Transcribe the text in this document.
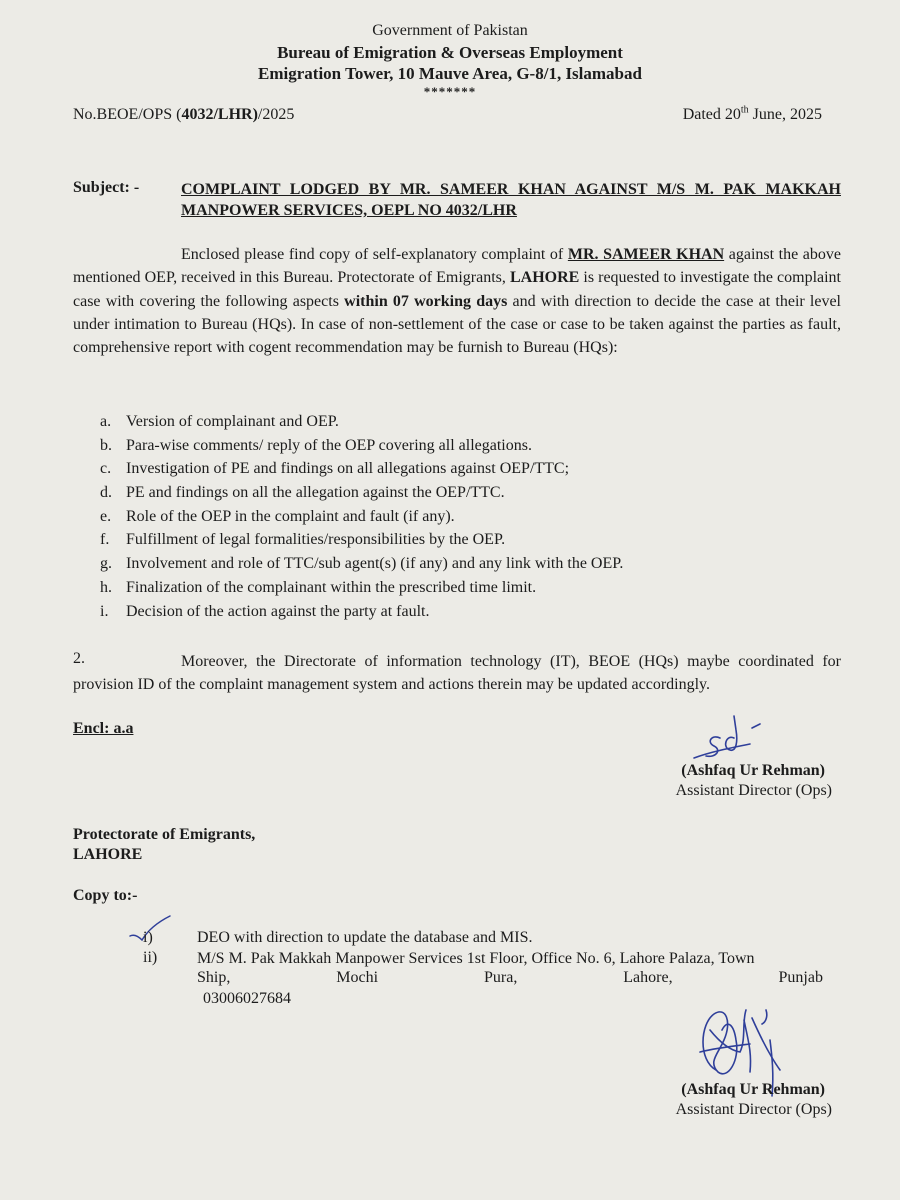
Government of Pakistan
Bureau of Emigration & Overseas Employment
Emigration Tower, 10 Mauve Area, G-8/1, Islamabad
*******
No.BEOE/OPS (4032/LHR)/2025	Dated 20th June, 2025
Subject: -	COMPLAINT LODGED BY MR. SAMEER KHAN AGAINST M/S M. PAK MAKKAH MANPOWER SERVICES, OEPL NO 4032/LHR
Enclosed please find copy of self-explanatory complaint of MR. SAMEER KHAN against the above mentioned OEP, received in this Bureau. Protectorate of Emigrants, LAHORE is requested to investigate the complaint case with covering the following aspects within 07 working days and with direction to decide the case at their level under intimation to Bureau (HQs). In case of non-settlement of the case or case to be taken against the parties as fault, comprehensive report with cogent recommendation may be furnish to Bureau (HQs):
a. Version of complainant and OEP.
b. Para-wise comments/ reply of the OEP covering all allegations.
c. Investigation of PE and findings on all allegations against OEP/TTC;
d. PE and findings on all the allegation against the OEP/TTC.
e. Role of the OEP in the complaint and fault (if any).
f. Fulfillment of legal formalities/responsibilities by the OEP.
g. Involvement and role of TTC/sub agent(s) (if any) and any link with the OEP.
h. Finalization of the complainant within the prescribed time limit.
i. Decision of the action against the party at fault.
2.	Moreover, the Directorate of information technology (IT), BEOE (HQs) maybe coordinated for provision ID of the complaint management system and actions therein may be updated accordingly.
Encl: a.a
(Ashfaq Ur Rehman)
Assistant Director (Ops)
Protectorate of Emigrants,
LAHORE
Copy to:-
i)	DEO with direction to update the database and MIS.
ii) M/S M. Pak Makkah Manpower Services 1st Floor, Office No. 6, Lahore Palaza, Town
Ship,	Mochi	Pura,	Lahore,	Punjab
03006027684
(Ashfaq Ur Rehman)
Assistant Director (Ops)
